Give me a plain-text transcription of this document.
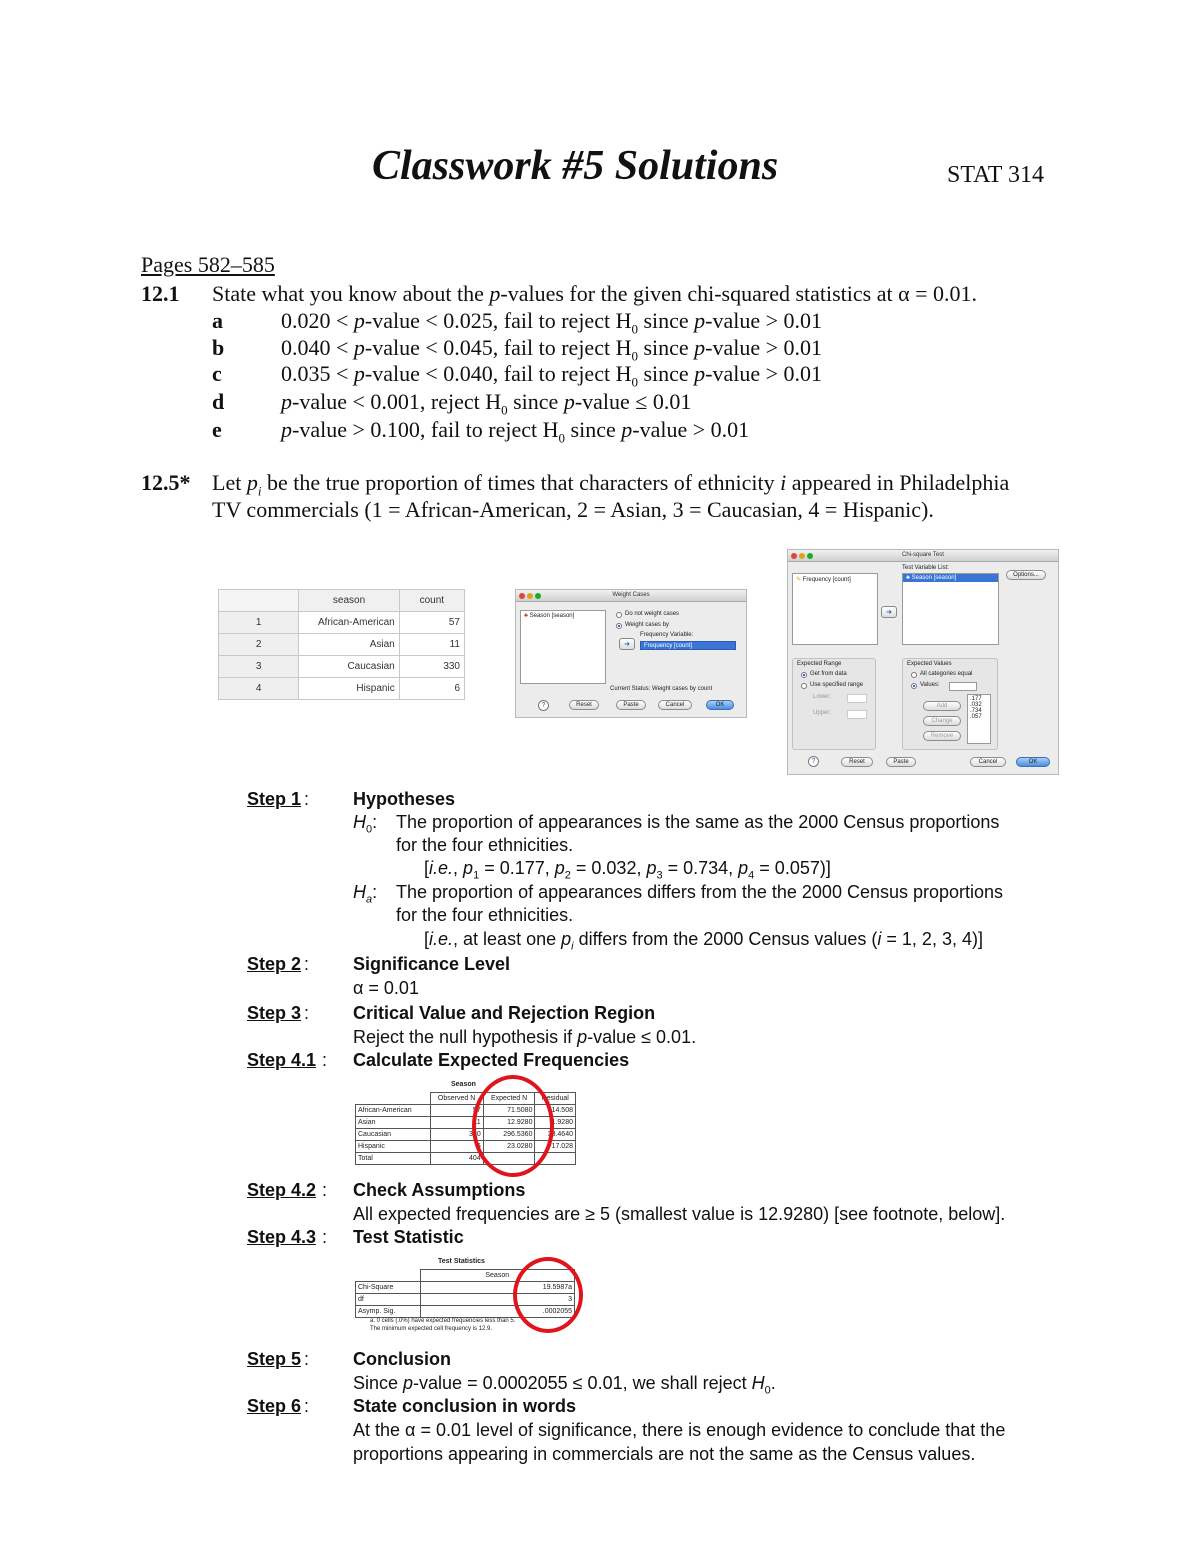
Classwork #5 Solutions	STAT 314
Pages 582–585
12.1 State what you know about the p-values for the given chi-squared statistics at α = 0.01.
a	0.020 < p-value < 0.025, fail to reject $H_0$ since p-value > 0.01
b	0.040 < p-value < 0.045, fail to reject $H_0$ since p-value > 0.01
c	0.035 < p-value < 0.040, fail to reject $H_0$ since p-value > 0.01
d	p-value < 0.001, reject $H_0$ since p-value ≤ 0.01
e	p-value > 0.100, fail to reject $H_0$ since p-value > 0.01
12.5* Let $p_i$ be the true proportion of times that characters of ethnicity i appeared in Philadelphia
TV commercials (1 = African-American, 2 = Asian, 3 = Caucasian, 4 = Hispanic).
	season	count
1	African-American	57
2	Asian	11
3	Caucasian	330
4	Hispanic	6
Weight Cases
♣ Season [season]	Do not weight cases
Weight cases by
Frequency Variable:
➜	Frequency [count]
Current Status: Weight cases by count
?	Reset	Paste	Cancel	OK
Chi-square Test
✎ Frequency [count]
Test Variable List:
♣ Season [season]	Options...
➜
Expected Range
Get from data
Use specified range
Lower:
Upper:
Expected Values
All categories equal
Values:
Add
Change
Remove
.177
.032
.734
.057
?	Reset	Paste	Cancel	OK
Step 1 : Hypotheses
$H_0$: The proportion of appearances is the same as the 2000 Census proportions
for the four ethnicities.
[i.e., $p_1 = 0.177$, $p_2 = 0.032$, $p_3 = 0.734$, $p_4 = 0.057$)]
$H_a$: The proportion of appearances differs from the the 2000 Census proportions
for the four ethnicities.
[i.e., at least one $p_i$ differs from the 2000 Census values (i = 1, 2, 3, 4)]
Step 2 : Significance Level
α = 0.01
Step 3 : Critical Value and Rejection Region
Reject the null hypothesis if p-value ≤ 0.01.
Step 4.1 : Calculate Expected Frequencies
Season
	Observed N	Expected N	Residual
African-American	57	71.5080	-14.508
Asian	11	12.9280	-1.9280
Caucasian	330	296.5360	33.4640
Hispanic	6	23.0280	-17.028
Total	404		
Step 4.2 : Check Assumptions
All expected frequencies are ≥ 5 (smallest value is 12.9280) [see footnote, below].
Step 4.3 : Test Statistic
Test Statistics
	Season
Chi-Square	19.5987a
df	3
Asymp. Sig.	.0002055
a. 0 cells (.0%) have expected frequencies less than 5.
The minimum expected cell frequency is 12.9.
Step 5 : Conclusion
Since p-value = 0.0002055 ≤ 0.01, we shall reject $H_0$.
Step 6 : State conclusion in words
At the α = 0.01 level of significance, there is enough evidence to conclude that the
proportions appearing in commercials are not the same as the Census values.
